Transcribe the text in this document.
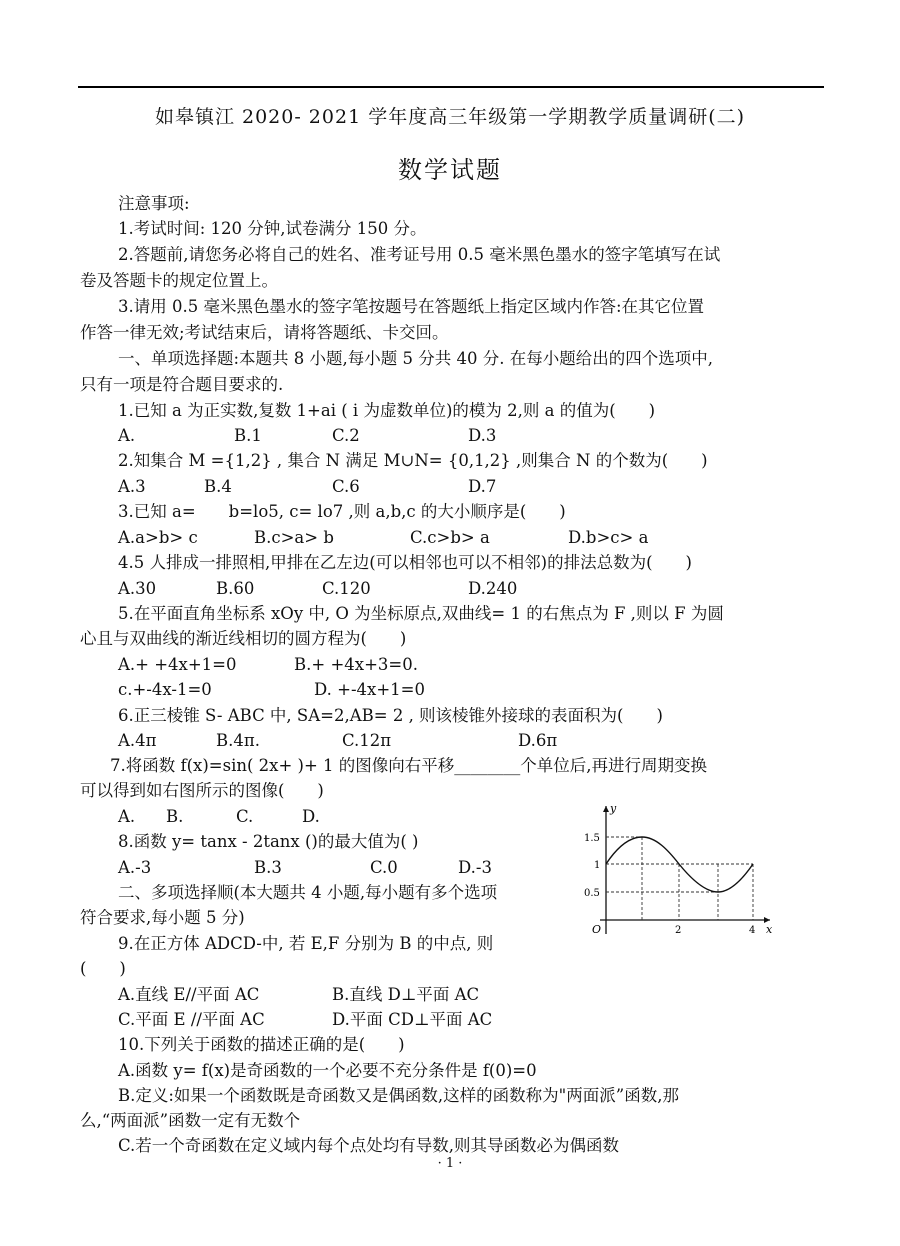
如皋镇江 2020- 2021 学年度高三年级第一学期教学质量调研(二)
数学试题
注意事项:
1.考试时间: 120 分钟,试卷满分 150 分。
2.答题前,请您务必将自己的姓名、准考证号用 0.5 毫米黑色墨水的签字笔填写在试
卷及答题卡的规定位置上。
3.请用 0.5 毫米黑色墨水的签字笔按题号在答题纸上指定区域内作答:在其它位置
作答一律无效;考试结束后，请将答题纸、卡交回。
一、单项选择题:本题共 8 小题,每小题 5 分共 40 分. 在每小题给出的四个选项中,
只有一项是符合题目要求的.
1.已知 a 为正实数,复数 1+ai ( i 为虚数单位)的模为 2,则 a 的值为(　　)
A.	B.1	C.2	D.3
2.知集合 M ={1,2} , 集合 N 满足 M∪N= {0,1,2} ,则集合 N 的个数为(　　)
A.3	B.4	C.6	D.7
3.已知 a=　　b=lo5, c= lo7 ,则 a,b,c 的大小顺序是(　　)
A.a>b> c	B.c>a> b	C.c>b> a	D.b>c> a
4.5 人排成一排照相,甲排在乙左边(可以相邻也可以不相邻)的排法总数为(　　)
A.30	B.60	C.120	D.240
5.在平面直角坐标系 xOy 中, O 为坐标原点,双曲线= 1 的右焦点为 F ,则以 F 为圆
心且与双曲线的渐近线相切的圆方程为(　　)
A.+ +4x+1=0	B.+ +4x+3=0.
c.+-4x-1=0	D. +-4x+1=0
6.正三棱锥 S- ABC 中, SA=2,AB= 2 , 则该棱锥外接球的表面积为(　　)
A.4π	B.4π.	C.12π	D.6π
7.将函数 f(x)=sin( 2x+ )+ 1 的图像向右平移________个单位后,再进行周期变换
可以得到如右图所示的图像(　　)
A. B.	C.	D.
8.函数 y= tanx - 2tanx ()的最大值为( )
A.-3	B.3	C.0	D.-3
二、多项选择顺(本大题共 4 小题,每小题有多个选项
符合要求,每小题 5 分)
9.在正方体 ADCD-中, 若 E,F 分别为 B 的中点, 则
(　　)
A.直线 E//平面 AC	B.直线 D⊥平面 AC
C.平面 E //平面 AC	D.平面 CD⊥平面 AC
10.下列关于函数的描述正确的是(　　)
A.函数 y= f(x)是奇函数的一个必要不充分条件是 f(0)=0
B.定义:如果一个函数既是奇函数又是偶函数,这样的函数称为"两面派”函数,那
么,“两面派”函数一定有无数个
C.若一个奇函数在定义域内每个点处均有导数,则其导函数必为偶函数
y
x
O
1.5
1
0.5
2	4
· 1 ·
